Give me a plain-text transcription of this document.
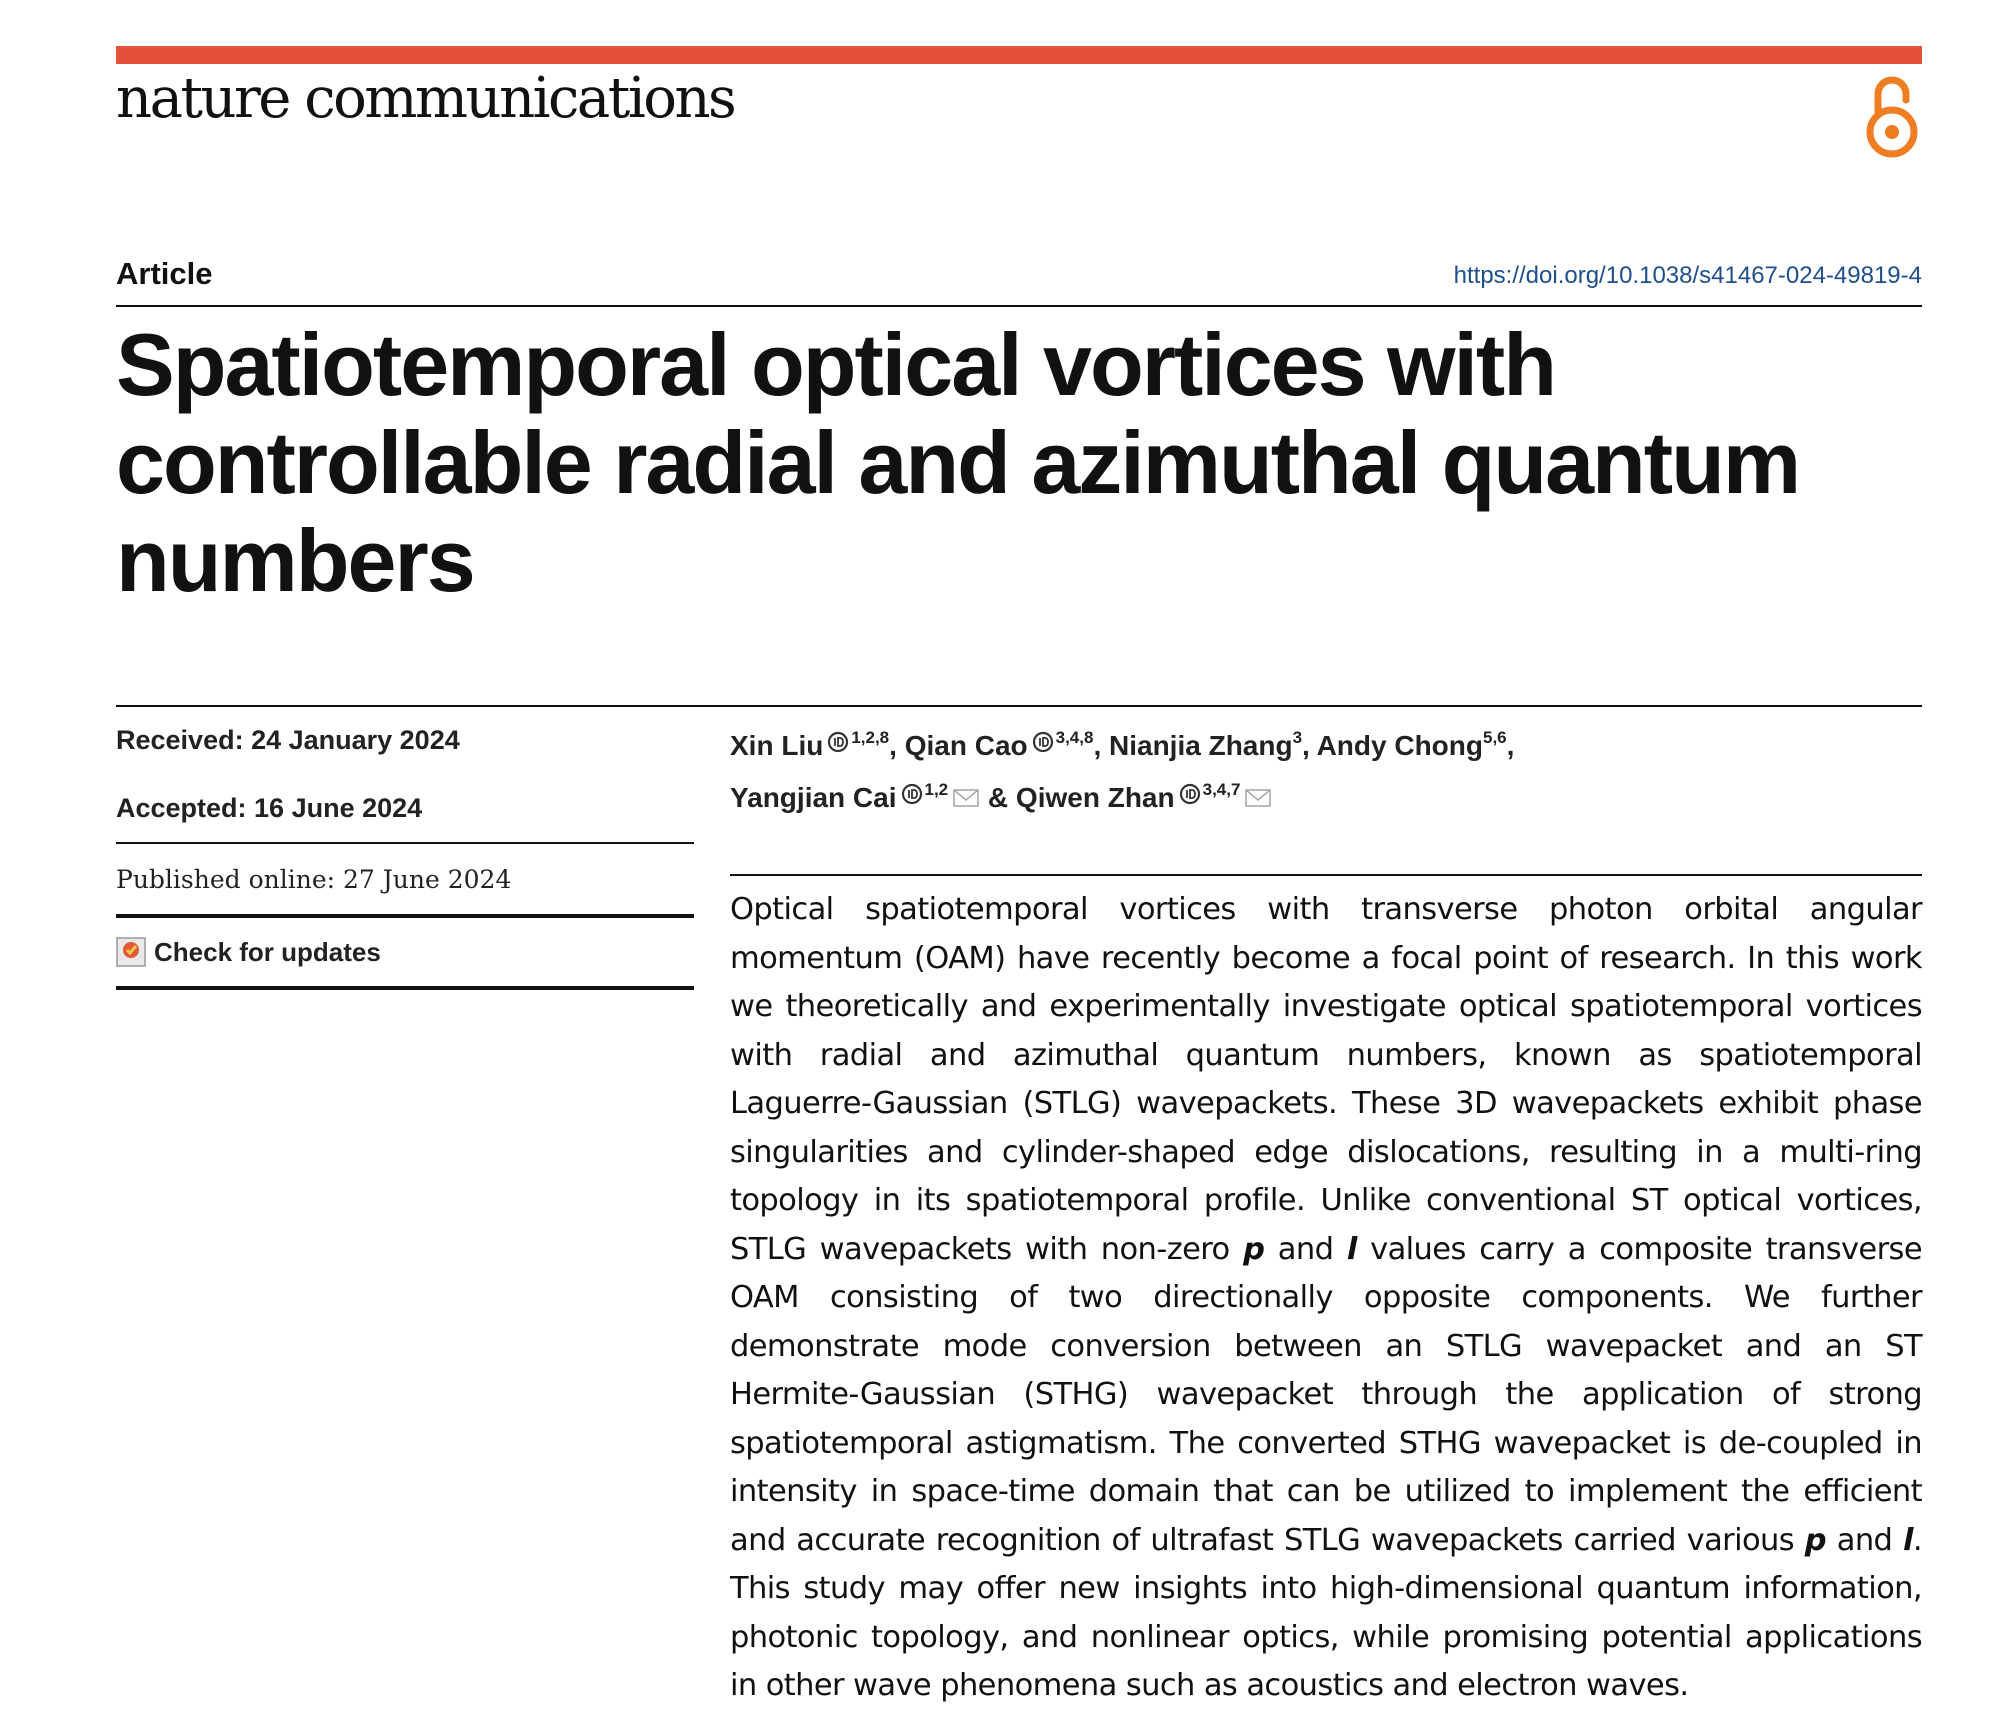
nature communications
Article	https://doi.org/10.1038/s41467-024-49819-4
Spatiotemporal optical vortices with controllable radial and azimuthal quantum numbers
Received: 24 January 2024
Accepted: 16 June 2024
Published online: 27 June 2024
Check for updates
Xin Liu $^{1,2,8}$, Qian Cao $^{3,4,8}$, Nianjia Zhang$^3$, Andy Chong$^{5,6}$,
Yangjian Cai $^{1,2}$ & Qiwen Zhan $^{3,4,7}$

Optical spatiotemporal vortices with transverse photon orbital angular momentum (OAM) have recently become a focal point of research. In this work we theoretically and experimentally investigate optical spatiotemporal vortices with radial and azimuthal quantum numbers, known as spatiotemporal Laguerre-Gaussian (STLG) wavepackets. These 3D wavepackets exhibit phase singularities and cylinder-shaped edge dislocations, resulting in a multi-ring topology in its spatiotemporal profile. Unlike conventional ST optical vortices, STLG wavepackets with non-zero p and l values carry a composite transverse OAM consisting of two directionally opposite components. We further demonstrate mode conversion between an STLG wavepacket and an ST Hermite-Gaussian (STHG) wavepacket through the application of strong spatiotemporal astigmatism. The converted STHG wavepacket is de-coupled in intensity in space-time domain that can be utilized to implement the efficient and accurate recognition of ultrafast STLG wavepackets carried various p and l. This study may offer new insights into high-dimensional quantum information, photonic topology, and nonlinear optics, while promising potential applications in other wave phenomena such as acoustics and electron waves.
